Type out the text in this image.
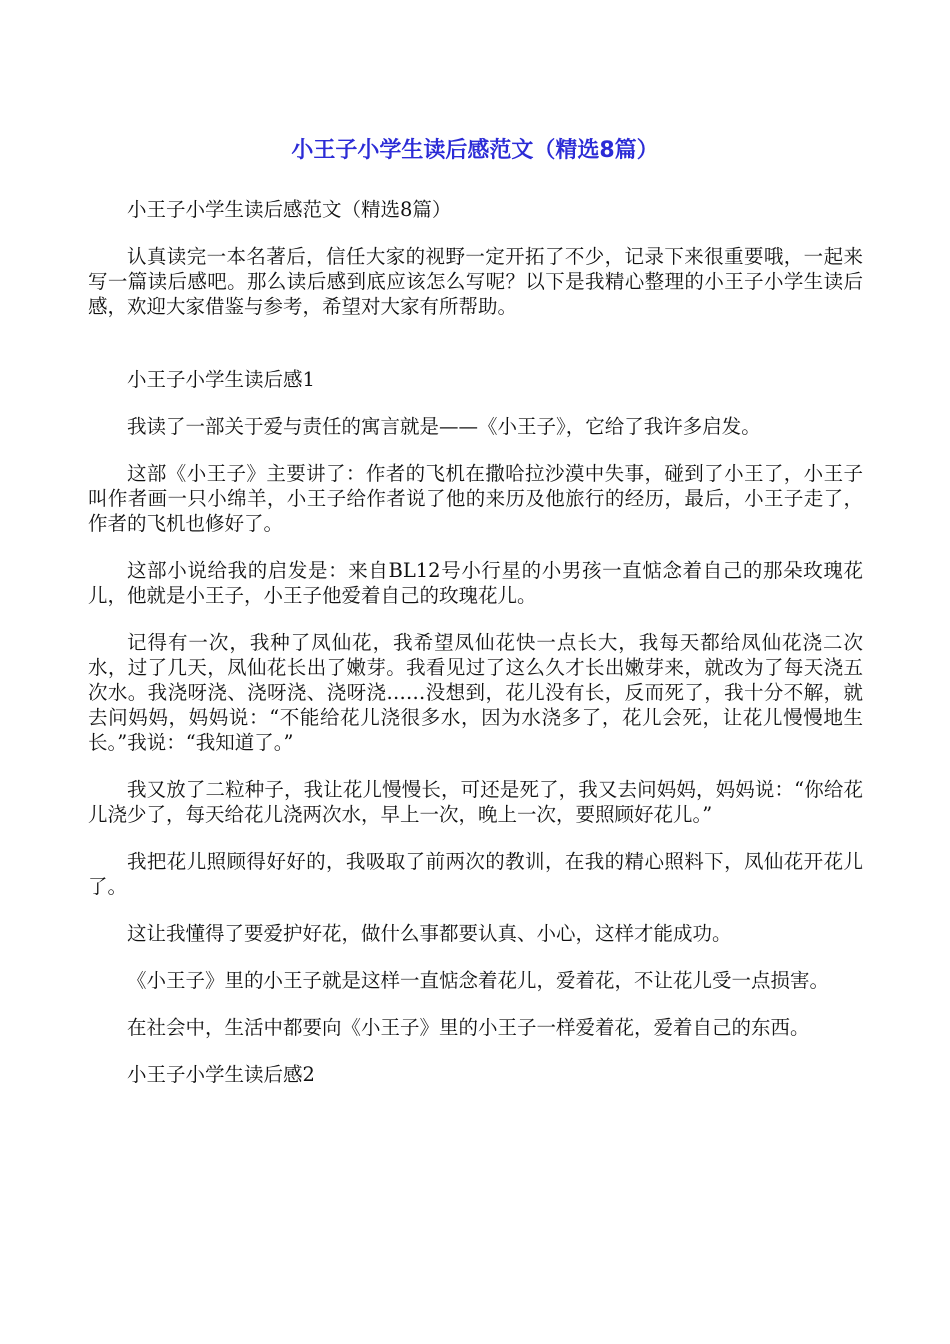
小王子小学生读后感范文（精选8篇）

小王子小学生读后感范文（精选8篇）

认真读完一本名著后，信任大家的视野一定开拓了不少，记录下来很重要哦，一起来写一篇读后感吧。那么读后感到底应该怎么写呢？以下是我精心整理的小王子小学生读后感，欢迎大家借鉴与参考，希望对大家有所帮助。

小王子小学生读后感1

我读了一部关于爱与责任的寓言就是——《小王子》，它给了我许多启发。

这部《小王子》主要讲了：作者的飞机在撒哈拉沙漠中失事，碰到了小王了，小王子叫作者画一只小绵羊，小王子给作者说了他的来历及他旅行的经历，最后，小王子走了，作者的飞机也修好了。

这部小说给我的启发是：来自BL12号小行星的小男孩一直惦念着自己的那朵玫瑰花儿，他就是小王子，小王子他爱着自己的玫瑰花儿。

记得有一次，我种了凤仙花，我希望凤仙花快一点长大，我每天都给凤仙花浇二次水，过了几天，凤仙花长出了嫩芽。我看见过了这么久才长出嫩芽来，就改为了每天浇五次水。我浇呀浇、浇呀浇、浇呀浇……没想到，花儿没有长，反而死了，我十分不解，就去问妈妈，妈妈说：“不能给花儿浇很多水，因为水浇多了，花儿会死，让花儿慢慢地生长。”我说：“我知道了。”

我又放了二粒种子，我让花儿慢慢长，可还是死了，我又去问妈妈，妈妈说：“你给花儿浇少了，每天给花儿浇两次水，早上一次，晚上一次，要照顾好花儿。”

我把花儿照顾得好好的，我吸取了前两次的教训，在我的精心照料下，凤仙花开花儿了。

这让我懂得了要爱护好花，做什么事都要认真、小心，这样才能成功。

《小王子》里的小王子就是这样一直惦念着花儿，爱着花，不让花儿受一点损害。

在社会中，生活中都要向《小王子》里的小王子一样爱着花，爱着自己的东西。

小王子小学生读后感2
